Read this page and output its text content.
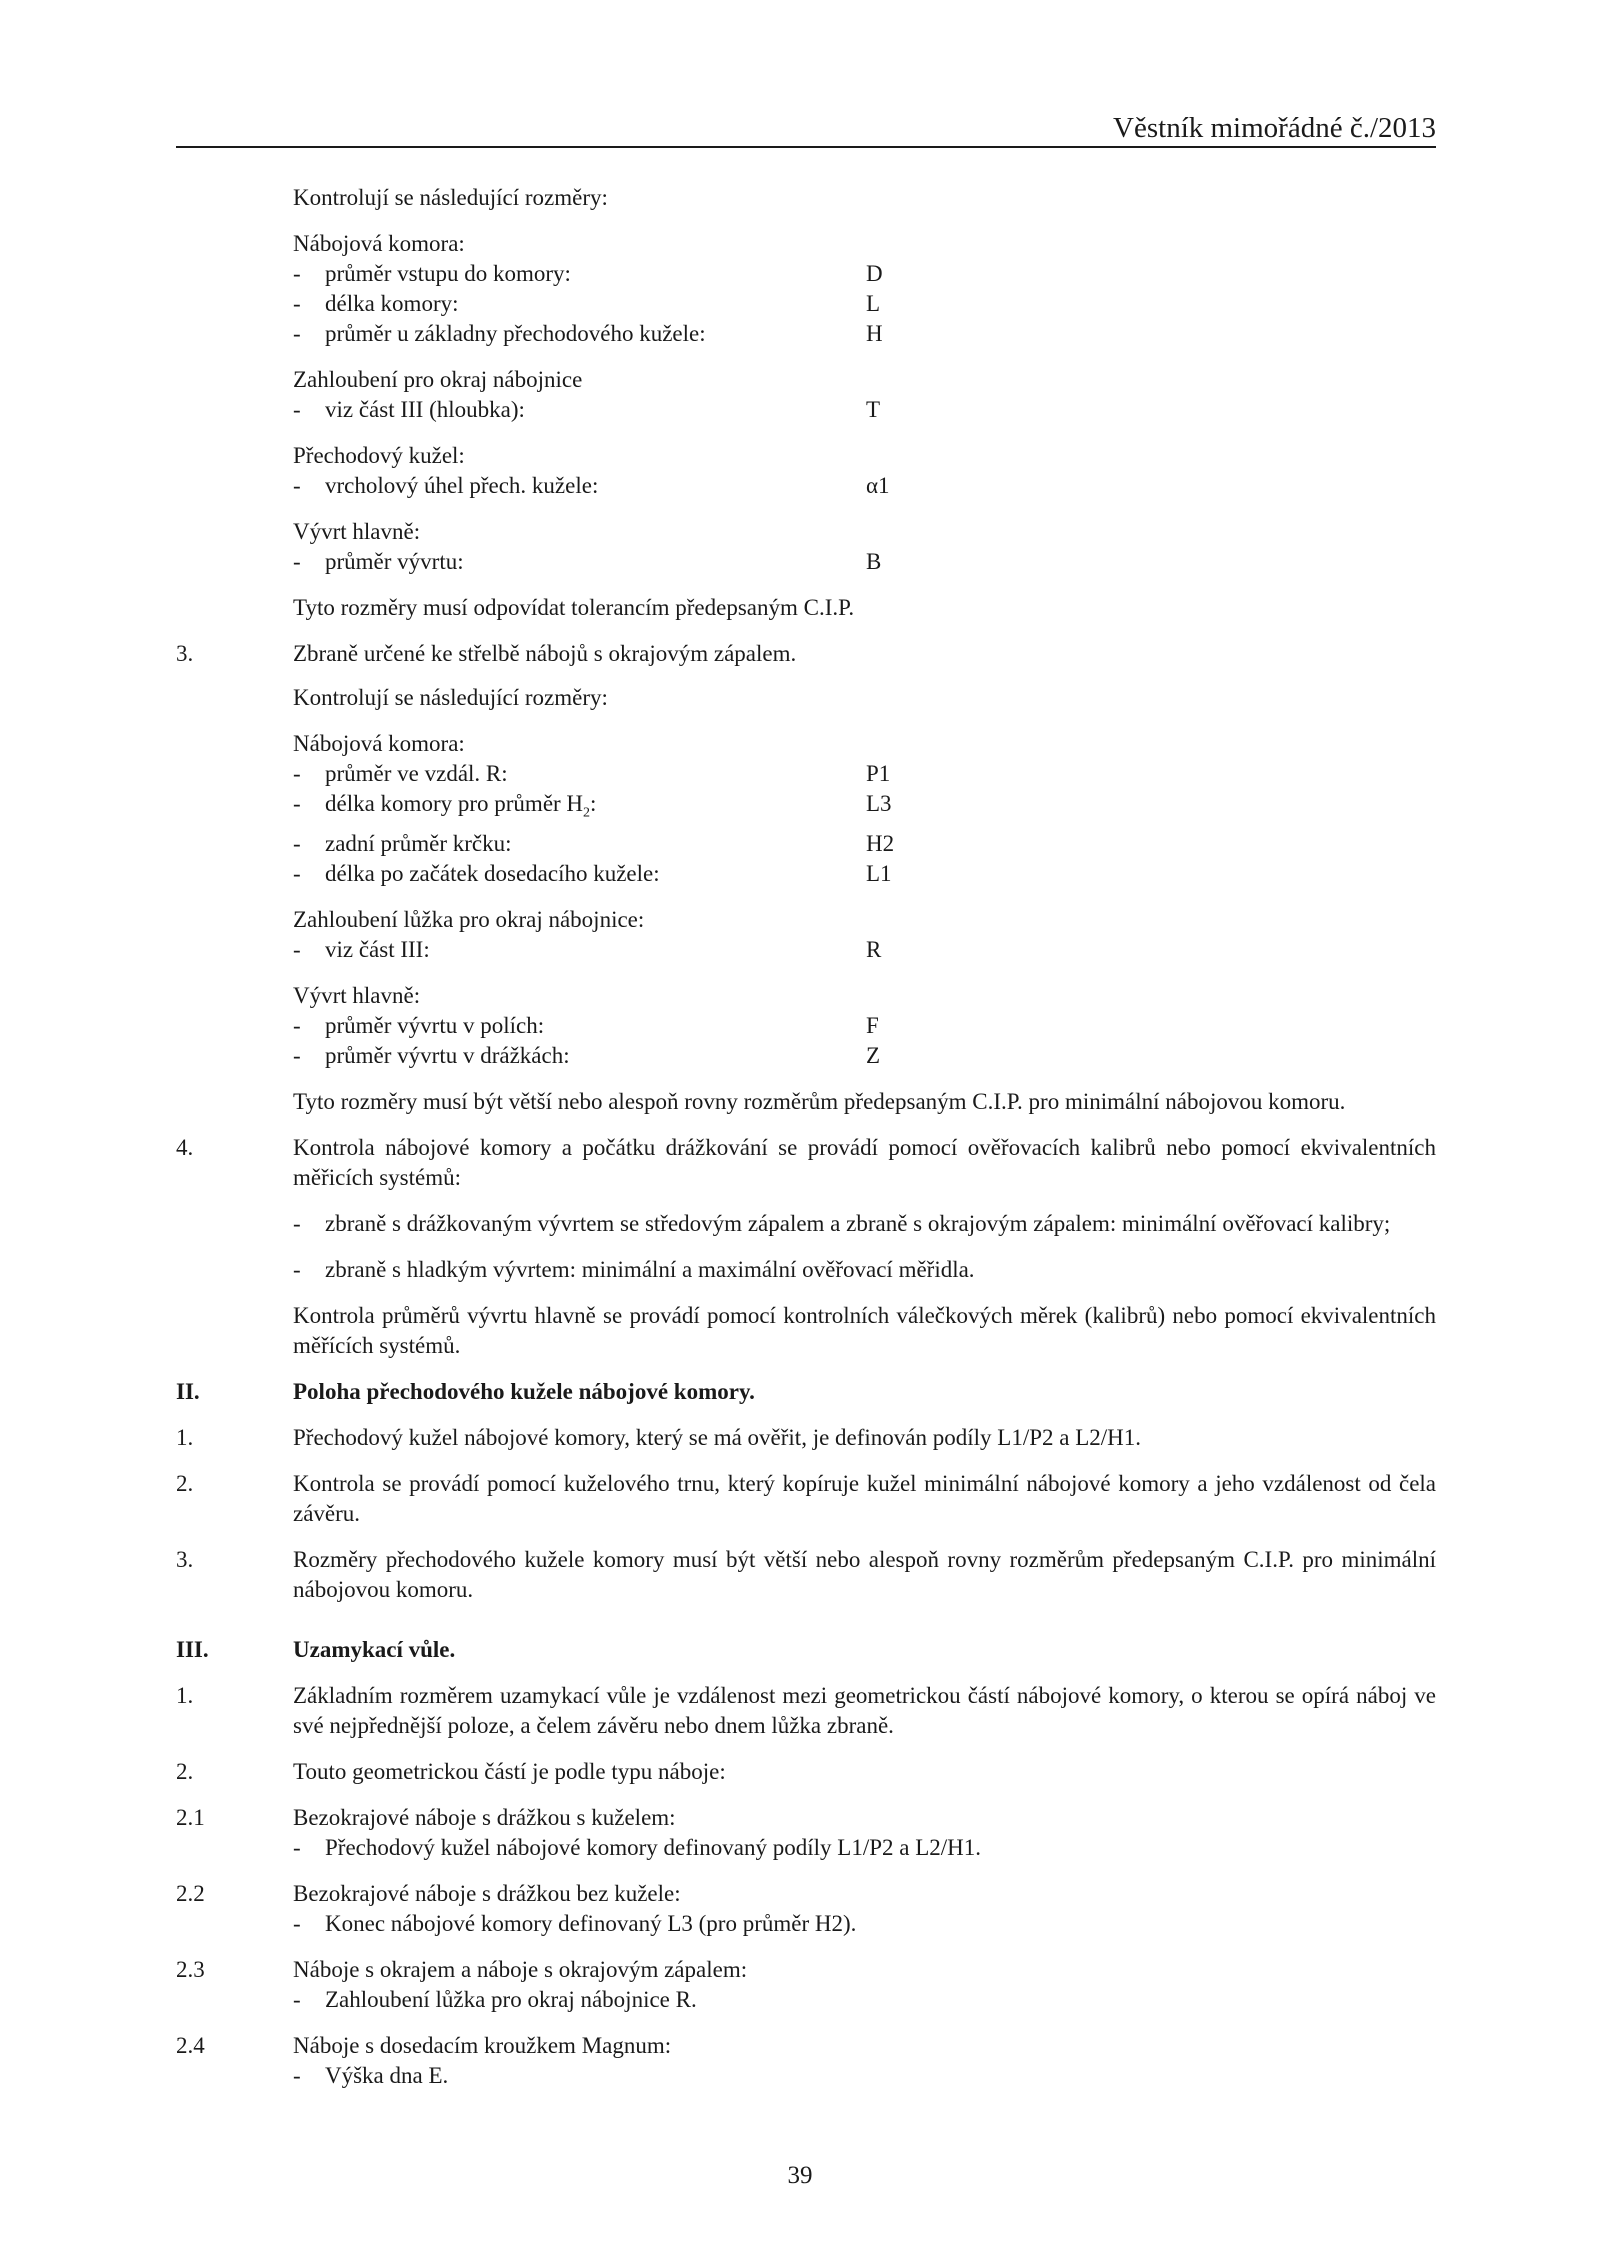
Věstník mimořádné č./2013
Kontrolují se následující rozměry:
Nábojová komora:
-	průměr vstupu do komory:	D
-	délka komory:	L
-	průměr u základny přechodového kužele:	H
Zahloubení pro okraj nábojnice
-	viz část III (hloubka):	T
Přechodový kužel:
-	vrcholový úhel přech. kužele:	α1
Vývrt hlavně:
-	průměr vývrtu:	B
Tyto rozměry musí odpovídat tolerancím předepsaným C.I.P.
3.	Zbraně určené ke střelbě nábojů s okrajovým zápalem.
Kontrolují se následující rozměry:
Nábojová komora:
-	průměr ve vzdál. R:	P1
-	délka komory pro průměr $H_2$:	L3
-	zadní průměr krčku:	H2
-	délka po začátek dosedacího kužele:	L1
Zahloubení lůžka pro okraj nábojnice:
-	viz část III:	R
Vývrt hlavně:
-	průměr vývrtu v polích:	F
-	průměr vývrtu v drážkách:	Z
Tyto rozměry musí být větší nebo alespoň rovny rozměrům předepsaným C.I.P. pro minimální nábojovou komoru.
4.	Kontrola nábojové komory a počátku drážkování se provádí pomocí ověřovacích kalibrů nebo pomocí ekvivalentních měřicích systémů:
-	zbraně s drážkovaným vývrtem se středovým zápalem a zbraně s okrajovým zápalem: minimální ověřovací kalibry;
-	zbraně s hladkým vývrtem: minimální a maximální ověřovací měřidla.
Kontrola průměrů vývrtu hlavně se provádí pomocí kontrolních válečkových měrek (kalibrů) nebo pomocí ekvivalentních měřících systémů.
II.	Poloha přechodového kužele nábojové komory.
1.	Přechodový kužel nábojové komory, který se má ověřit, je definován podíly L1/P2 a L2/H1.
2.	Kontrola se provádí pomocí kuželového trnu, který kopíruje kužel minimální nábojové komory a jeho vzdálenost od čela závěru.
3.	Rozměry přechodového kužele komory musí být větší nebo alespoň rovny rozměrům předepsaným C.I.P. pro minimální nábojovou komoru.
III.	Uzamykací vůle.
1.	Základním rozměrem uzamykací vůle je vzdálenost mezi geometrickou částí nábojové komory, o kterou se opírá náboj ve své nejpřednější poloze, a čelem závěru nebo dnem lůžka zbraně.
2.	Touto geometrickou částí je podle typu náboje:
2.1	Bezokrajové náboje s drážkou s kuželem:
-	Přechodový kužel nábojové komory definovaný podíly L1/P2 a L2/H1.
2.2	Bezokrajové náboje s drážkou bez kužele:
-	Konec nábojové komory definovaný L3 (pro průměr H2).
2.3	Náboje s okrajem a náboje s okrajovým zápalem:
-	Zahloubení lůžka pro okraj nábojnice R.
2.4	Náboje s dosedacím kroužkem Magnum:
-	Výška dna E.
39
